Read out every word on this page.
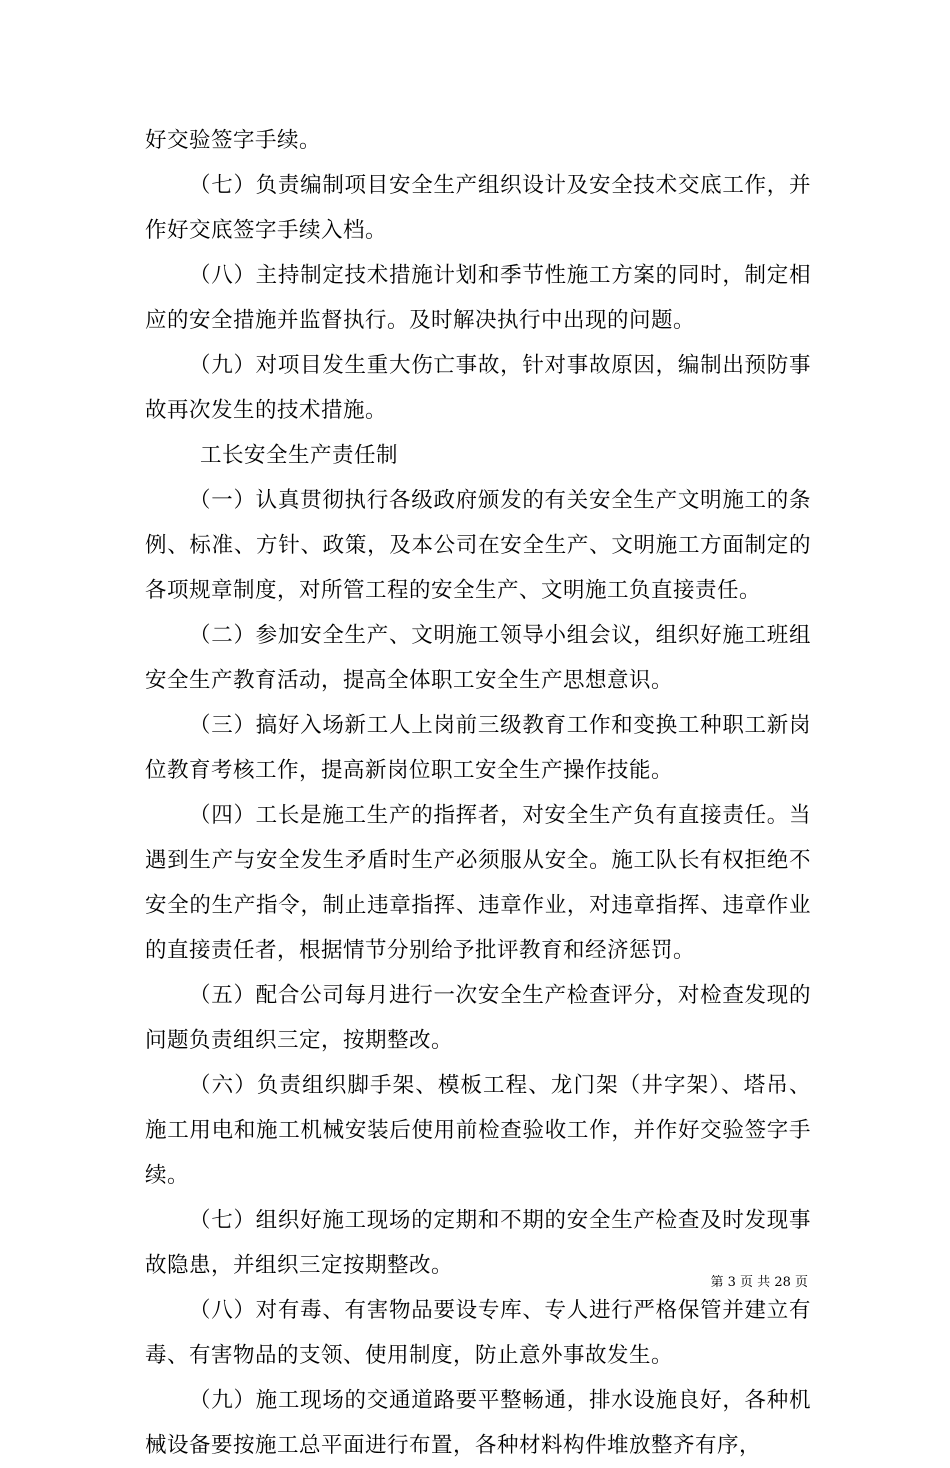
好交验签字手续。

（七）负责编制项目安全生产组织设计及安全技术交底工作，并作好交底签字手续入档。

（八）主持制定技术措施计划和季节性施工方案的同时，制定相应的安全措施并监督执行。及时解决执行中出现的问题。

（九）对项目发生重大伤亡事故，针对事故原因，编制出预防事故再次发生的技术措施。

工长安全生产责任制

（一）认真贯彻执行各级政府颁发的有关安全生产文明施工的条例、标准、方针、政策，及本公司在安全生产、文明施工方面制定的各项规章制度，对所管工程的安全生产、文明施工负直接责任。

（二）参加安全生产、文明施工领导小组会议，组织好施工班组安全生产教育活动，提高全体职工安全生产思想意识。

（三）搞好入场新工人上岗前三级教育工作和变换工种职工新岗位教育考核工作，提高新岗位职工安全生产操作技能。

（四）工长是施工生产的指挥者，对安全生产负有直接责任。当遇到生产与安全发生矛盾时生产必须服从安全。施工队长有权拒绝不安全的生产指令，制止违章指挥、违章作业，对违章指挥、违章作业的直接责任者，根据情节分别给予批评教育和经济惩罚。

（五）配合公司每月进行一次安全生产检查评分，对检查发现的问题负责组织三定，按期整改。

（六）负责组织脚手架、模板工程、龙门架（井字架）、塔吊、施工用电和施工机械安装后使用前检查验收工作，并作好交验签字手续。

（七）组织好施工现场的定期和不期的安全生产检查及时发现事故隐患，并组织三定按期整改。

（八）对有毒、有害物品要设专库、专人进行严格保管并建立有毒、有害物品的支领、使用制度，防止意外事故发生。

（九）施工现场的交通道路要平整畅通，排水设施良好，各种机械设备要按施工总平面进行布置，各种材料构件堆放整齐有序，

第 3 页 共 28 页
